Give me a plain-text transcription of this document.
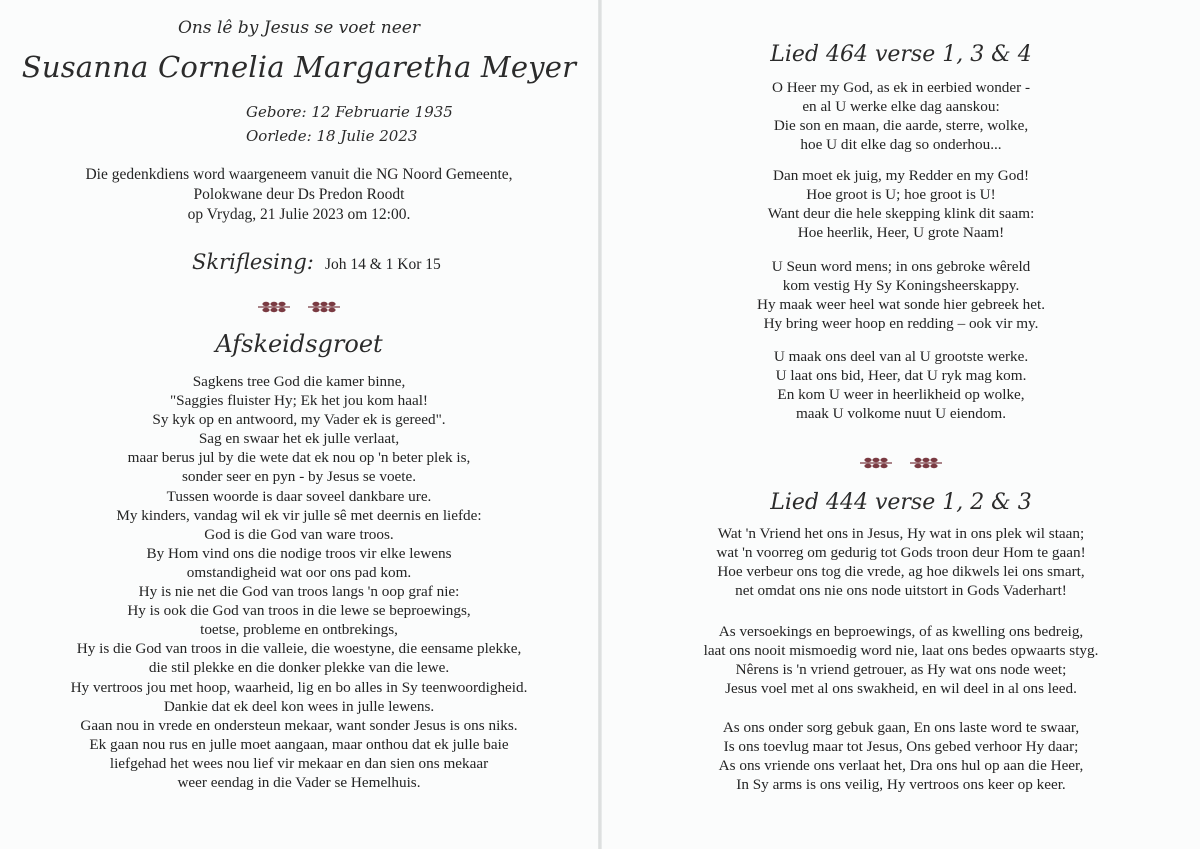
Ons lê by Jesus se voet neer
Susanna Cornelia Margaretha Meyer
Gebore: 12 Februarie 1935
Oorlede: 18 Julie 2023
Die gedenkdiens word waargeneem vanuit die NG Noord Gemeente,
Polokwane deur Ds Predon Roodt
op Vrydag, 21 Julie 2023 om 12:00.
Skriflesing: Joh 14 & 1 Kor 15
Afskeidsgroet
Sagkens tree God die kamer binne,
"Saggies fluister Hy; Ek het jou kom haal!
Sy kyk op en antwoord, my Vader ek is gereed".
Sag en swaar het ek julle verlaat,
maar berus jul by die wete dat ek nou op 'n beter plek is,
sonder seer en pyn - by Jesus se voete.
Tussen woorde is daar soveel dankbare ure.
My kinders, vandag wil ek vir julle sê met deernis en liefde:
God is die God van ware troos.
By Hom vind ons die nodige troos vir elke lewens
omstandigheid wat oor ons pad kom.
Hy is nie net die God van troos langs 'n oop graf nie:
Hy is ook die God van troos in die lewe se beproewings,
toetse, probleme en ontbrekings,
Hy is die God van troos in die valleie, die woestyne, die eensame plekke,
die stil plekke en die donker plekke van die lewe.
Hy vertroos jou met hoop, waarheid, lig en bo alles in Sy teenwoordigheid.
Dankie dat ek deel kon wees in julle lewens.
Gaan nou in vrede en ondersteun mekaar, want sonder Jesus is ons niks.
Ek gaan nou rus en julle moet aangaan, maar onthou dat ek julle baie
liefgehad het wees nou lief vir mekaar en dan sien ons mekaar
weer eendag in die Vader se Hemelhuis.
Lied 464 verse 1, 3 & 4
O Heer my God, as ek in eerbied wonder -
en al U werke elke dag aanskou:
Die son en maan, die aarde, sterre, wolke,
hoe U dit elke dag so onderhou...
Dan moet ek juig, my Redder en my God!
Hoe groot is U; hoe groot is U!
Want deur die hele skepping klink dit saam:
Hoe heerlik, Heer, U grote Naam!
U Seun word mens; in ons gebroke wêreld
kom vestig Hy Sy Koningsheerskappy.
Hy maak weer heel wat sonde hier gebreek het.
Hy bring weer hoop en redding – ook vir my.
U maak ons deel van al U grootste werke.
U laat ons bid, Heer, dat U ryk mag kom.
En kom U weer in heerlikheid op wolke,
maak U volkome nuut U eiendom.
Lied 444 verse 1, 2 & 3
Wat 'n Vriend het ons in Jesus, Hy wat in ons plek wil staan;
wat 'n voorreg om gedurig tot Gods troon deur Hom te gaan!
Hoe verbeur ons tog die vrede, ag hoe dikwels lei ons smart,
net omdat ons nie ons node uitstort in Gods Vaderhart!
As versoekings en beproewings, of as kwelling ons bedreig,
laat ons nooit mismoedig word nie, laat ons bedes opwaarts styg.
Nêrens is 'n vriend getrouer, as Hy wat ons node weet;
Jesus voel met al ons swakheid, en wil deel in al ons leed.
As ons onder sorg gebuk gaan, En ons laste word te swaar,
Is ons toevlug maar tot Jesus, Ons gebed verhoor Hy daar;
As ons vriende ons verlaat het, Dra ons hul op aan die Heer,
In Sy arms is ons veilig, Hy vertroos ons keer op keer.
